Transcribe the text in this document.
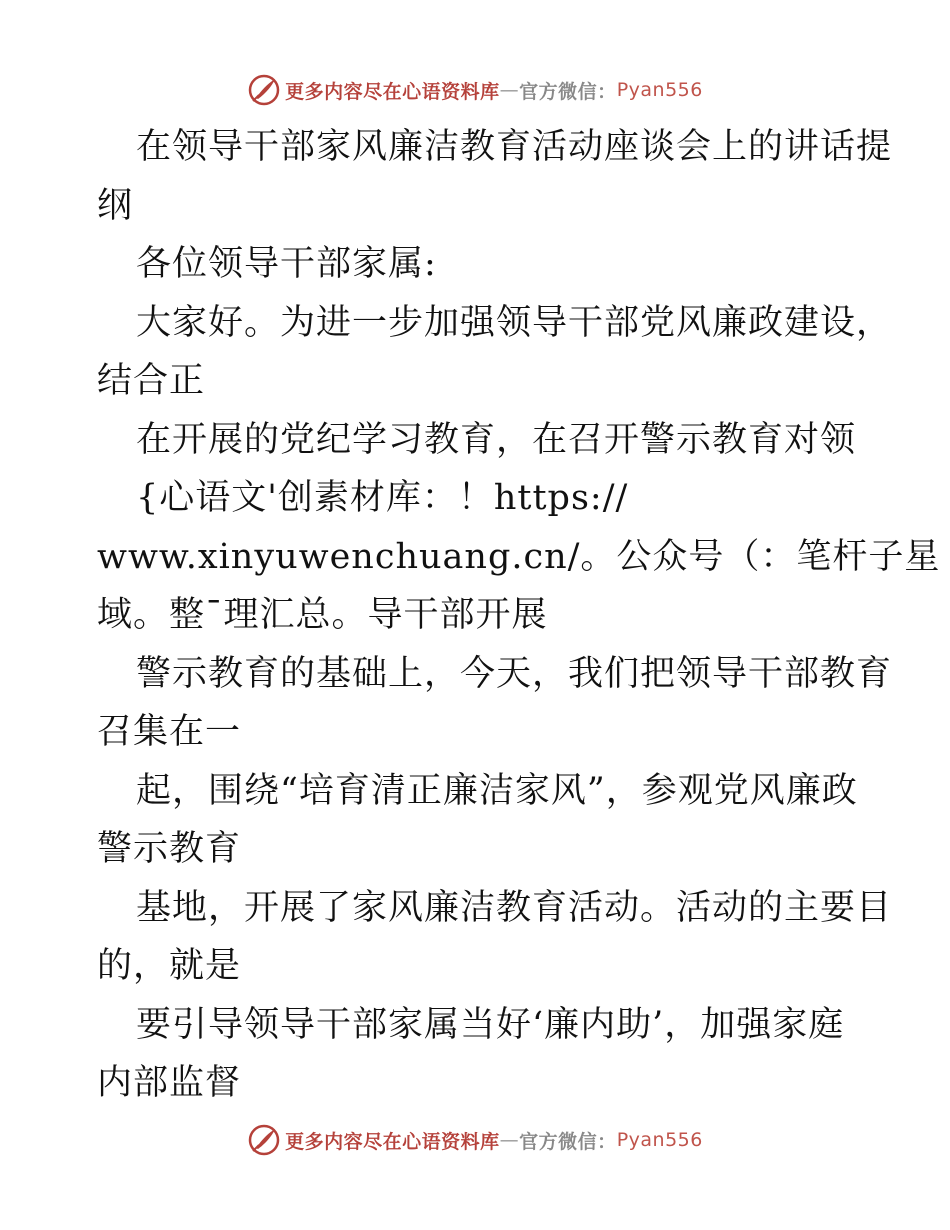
更多内容尽在心语资料库 — 官方微信： Pyan556
在领导干部家风廉洁教育活动座谈会上的讲话提
纲
各位领导干部家属:
大家好。为进一步加强领导干部党风廉政建设，
结合正
在开展的党纪学习教育，在召开警示教育对领
{心语文'创素材库：！https://
www.xinyuwenchuang.cn/。公众号（：笔杆子星
域。整¯理汇总。导干部开展
警示教育的基础上，今天，我们把领导干部教育
召集在一
起，围绕“培育清正廉洁家风”，参观党风廉政
警示教育
基地，开展了家风廉洁教育活动。活动的主要目
的，就是
要引导领导干部家属当好‘廉内助’，加强家庭
内部监督
更多内容尽在心语资料库 — 官方微信： Pyan556
